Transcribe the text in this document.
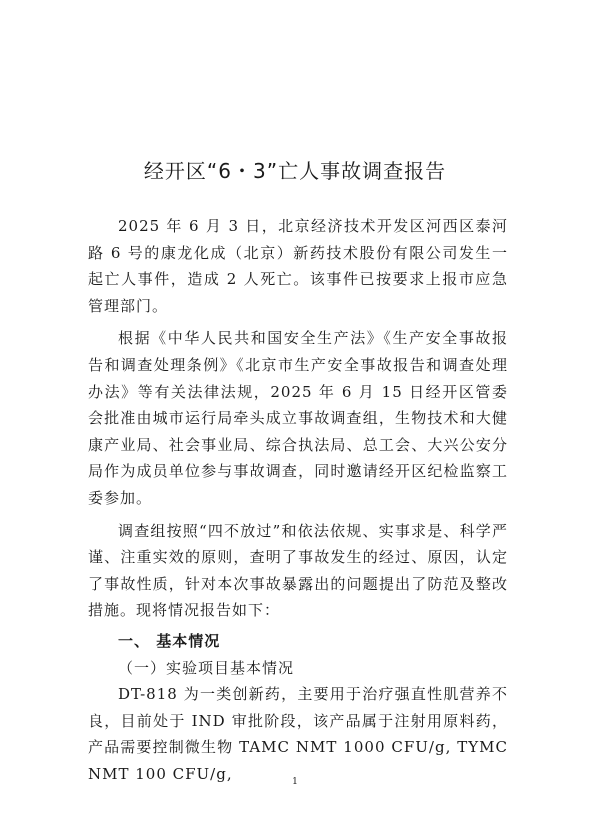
经开区“6・3”亡人事故调查报告

2025 年 6 月 3 日，北京经济技术开发区河西区泰河路 6 号的康龙化成（北京）新药技术股份有限公司发生一起亡人事件，造成 2 人死亡。该事件已按要求上报市应急管理部门。

根据《中华人民共和国安全生产法》《生产安全事故报告和调查处理条例》《北京市生产安全事故报告和调查处理办法》等有关法律法规，2025 年 6 月 15 日经开区管委会批准由城市运行局牵头成立事故调查组，生物技术和大健康产业局、社会事业局、综合执法局、总工会、大兴公安分局作为成员单位参与事故调查，同时邀请经开区纪检监察工委参加。

调查组按照“四不放过”和依法依规、实事求是、科学严谨、注重实效的原则，查明了事故发生的经过、原因，认定了事故性质，针对本次事故暴露出的问题提出了防范及整改措施。现将情况报告如下：

一、 基本情况
（一）实验项目基本情况

DT-818 为一类创新药，主要用于治疗强直性肌营养不良，目前处于 IND 审批阶段，该产品属于注射用原料药，产品需要控制微生物 TAMC NMT 1000 CFU/g, TYMC NMT 100 CFU/g,	1
